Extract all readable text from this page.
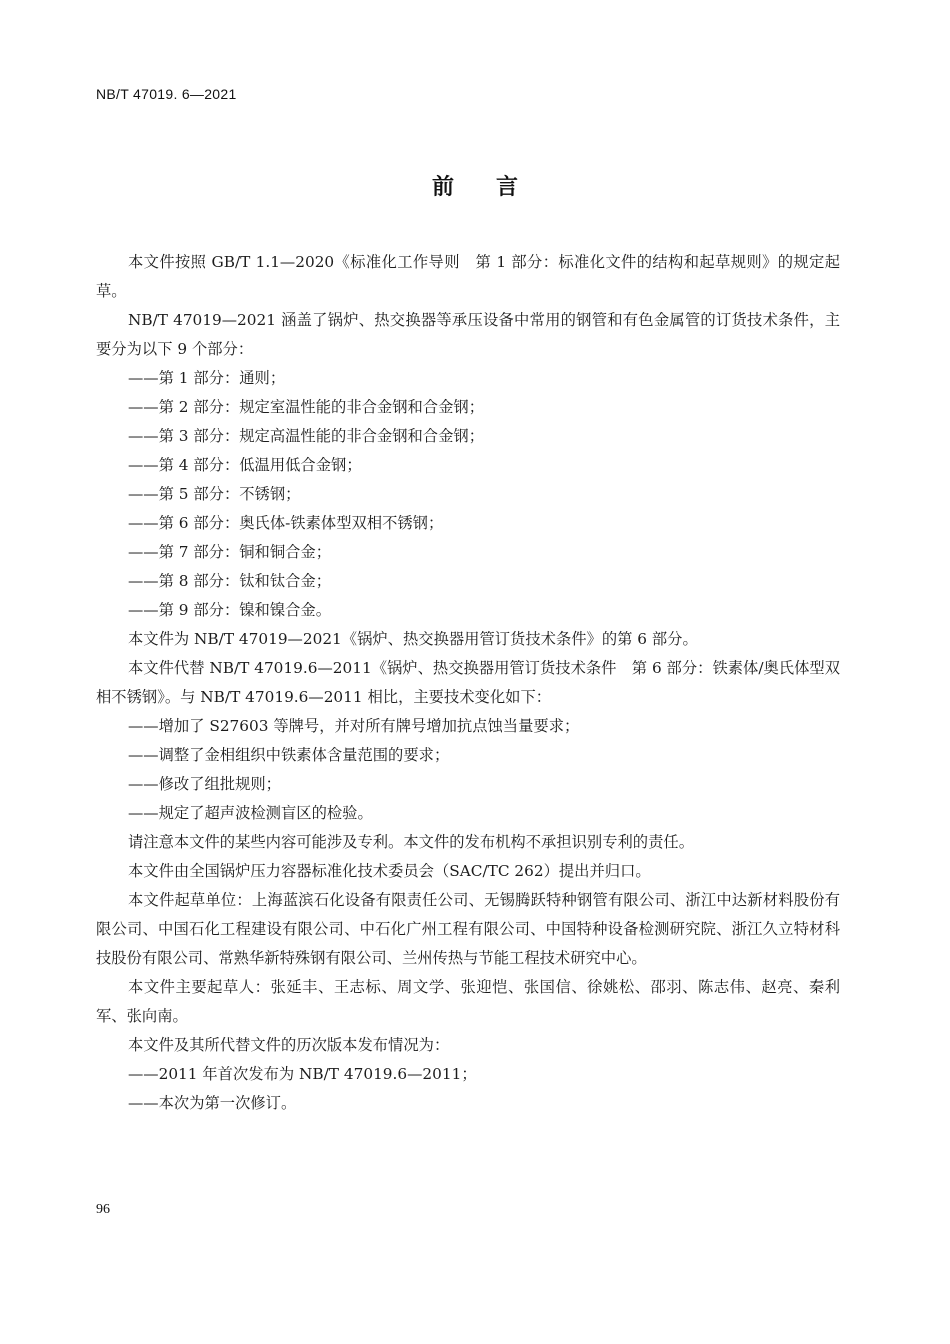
NB/T 47019. 6—2021
前言

本文件按照 GB/T 1.1—2020《标准化工作导则　第 1 部分：标准化文件的结构和起草规则》的规定起草。

NB/T 47019—2021 涵盖了锅炉、热交换器等承压设备中常用的钢管和有色金属管的订货技术条件，主要分为以下 9 个部分：

——第 1 部分：通则；

——第 2 部分：规定室温性能的非合金钢和合金钢；

——第 3 部分：规定高温性能的非合金钢和合金钢；

——第 4 部分：低温用低合金钢；

——第 5 部分：不锈钢；

——第 6 部分：奥氏体-铁素体型双相不锈钢；

——第 7 部分：铜和铜合金；

——第 8 部分：钛和钛合金；

——第 9 部分：镍和镍合金。

本文件为 NB/T 47019—2021《锅炉、热交换器用管订货技术条件》的第 6 部分。

本文件代替 NB/T 47019.6—2011《锅炉、热交换器用管订货技术条件　第 6 部分：铁素体/奥氏体型双相不锈钢》。与 NB/T 47019.6—2011 相比，主要技术变化如下：

——增加了 S27603 等牌号，并对所有牌号增加抗点蚀当量要求；

——调整了金相组织中铁素体含量范围的要求；

——修改了组批规则；

——规定了超声波检测盲区的检验。

请注意本文件的某些内容可能涉及专利。本文件的发布机构不承担识别专利的责任。

本文件由全国锅炉压力容器标准化技术委员会（SAC/TC 262）提出并归口。

本文件起草单位：上海蓝滨石化设备有限责任公司、无锡腾跃特种钢管有限公司、浙江中达新材料股份有限公司、中国石化工程建设有限公司、中石化广州工程有限公司、中国特种设备检测研究院、浙江久立特材科技股份有限公司、常熟华新特殊钢有限公司、兰州传热与节能工程技术研究中心。

本文件主要起草人：张延丰、王志标、周文学、张迎恺、张国信、徐姚松、邵羽、陈志伟、赵亮、秦利军、张向南。

本文件及其所代替文件的历次版本发布情况为：

——2011 年首次发布为 NB/T 47019.6—2011；

——本次为第一次修订。

96
